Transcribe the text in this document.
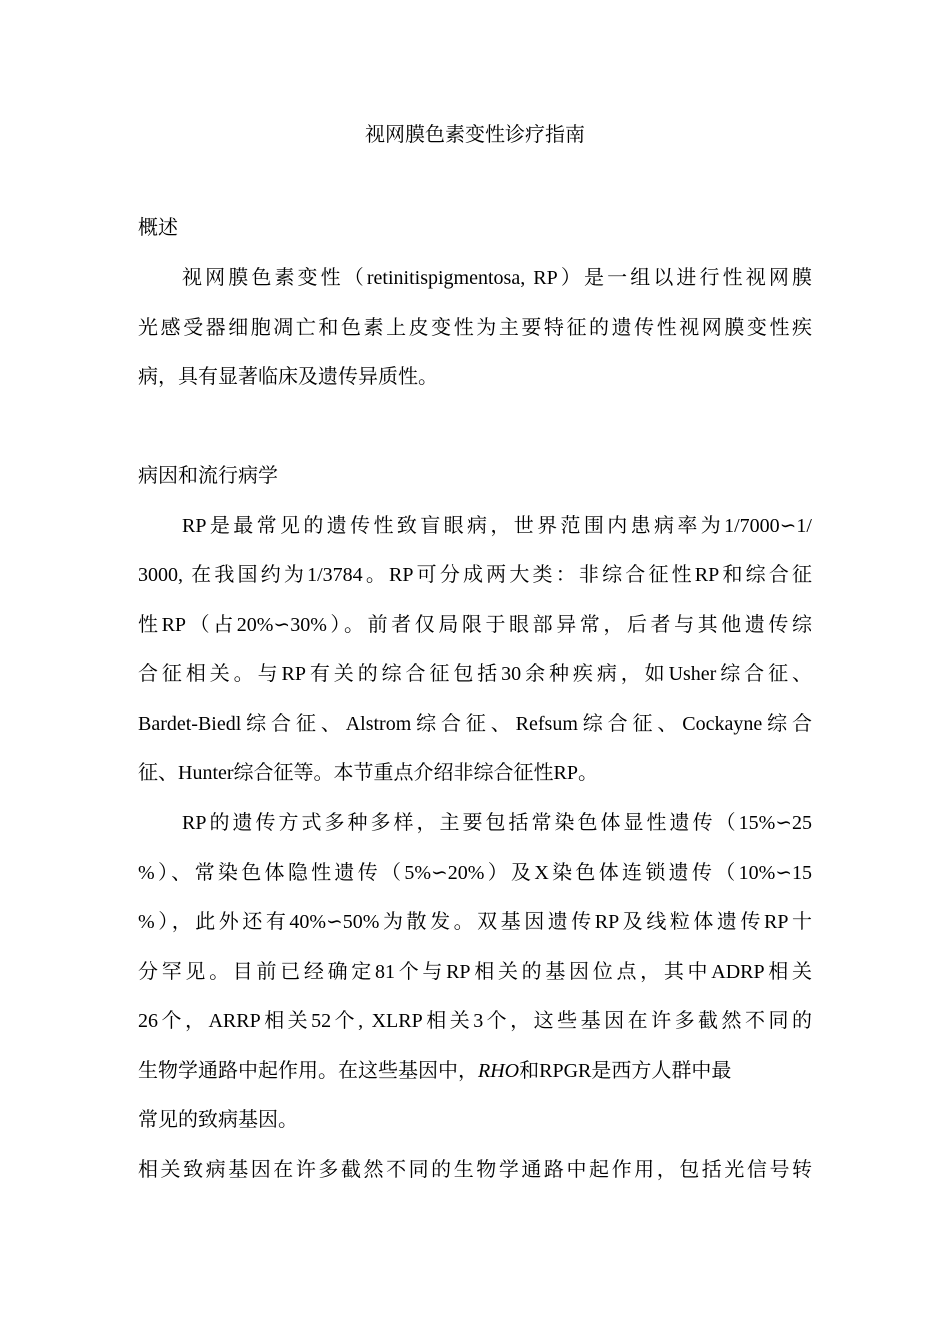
视网膜色素变性诊疗指南
概述
视网膜色素变性（retinitispigmentosa, RP）是一组以进行性视网膜
光感受器细胞凋亡和色素上皮变性为主要特征的遗传性视网膜变性疾
病，具有显著临床及遗传异质性。
病因和流行病学
RP是最常见的遗传性致盲眼病，世界范围内患病率为1/7000∽1/
3000, 在我国约为1/3784。RP可分成两大类：非综合征性RP和综合征
性RP（占20%∽30%）。前者仅局限于眼部异常，后者与其他遗传综
合征相关。与RP有关的综合征包括30余种疾病，如Usher综合征、
Bardet-Biedl综合征、Alstrom综合征、Refsum综合征、Cockayne综合
征、Hunter综合征等。本节重点介绍非综合征性RP。
RP的遗传方式多种多样，主要包括常染色体显性遗传（15%∽25
%）、常染色体隐性遗传（5%∽20%）及X染色体连锁遗传（10%∽15
%），此外还有40%∽50%为散发。双基因遗传RP及线粒体遗传RP十
分罕见。目前已经确定81个与RP相关的基因位点，其中ADRP相关
26个，ARRP相关52个, XLRP相关3个，这些基因在许多截然不同的
生物学通路中起作用。在这些基因中，RHO和RPGR是西方人群中最
常见的致病基因。
相关致病基因在许多截然不同的生物学通路中起作用，包括光信号转
